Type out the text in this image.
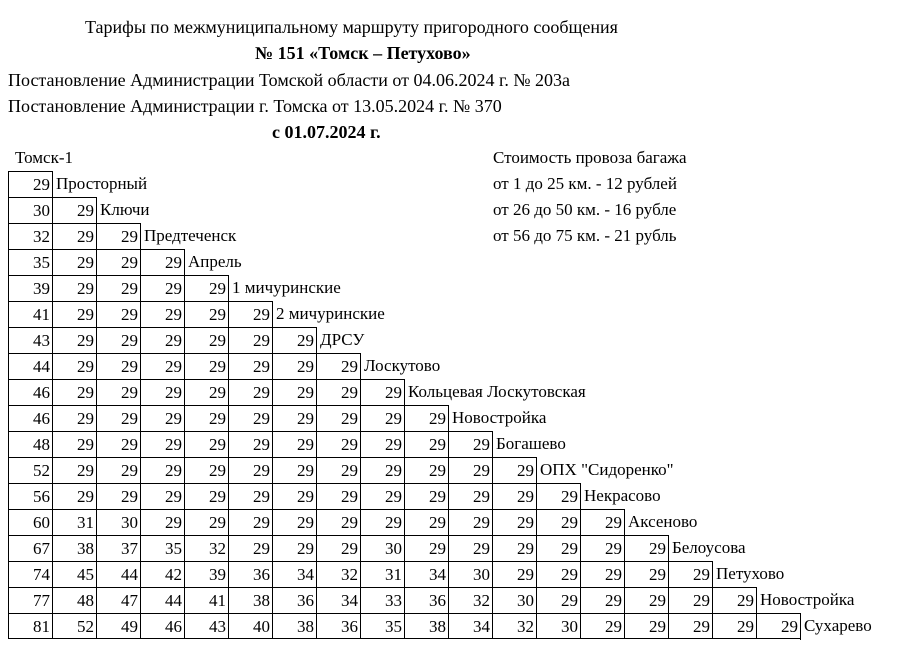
Тарифы по межмуниципальному маршруту пригородного сообщения
№ 151 «Томск – Петухово»
Постановление Администрации Томской области от 04.06.2024 г. № 203а
Постановление Администрации г. Томска от 13.05.2024 г. № 370
с 01.07.2024 г.
Томск-1	Стоимость провоза багажа
от 1 до 25 км. - 12 рублей
от 26 до 50 км. - 16 рубле
от 56 до 75 км. - 21 рубль
29 Просторный
30	29 Ключи
32	29	29 Предтеченск
35	29	29	29 Апрель
39	29	29	29	29 1 мичуринские
41	29	29	29	29	29 2 мичуринские
43	29	29	29	29	29	29 ДРСУ
44	29	29	29	29	29	29	29 Лоскутово
46	29	29	29	29	29	29	29	29 Кольцевая Лоскутовская
46	29	29	29	29	29	29	29	29	29 Новостройка
48	29	29	29	29	29	29	29	29	29	29 Богашево
52	29	29	29	29	29	29	29	29	29	29	29 ОПХ "Сидоренко"
56	29	29	29	29	29	29	29	29	29	29	29	29 Некрасово
60	31	30	29	29	29	29	29	29	29	29	29	29	29 Аксеново
67	38	37	35	32	29	29	29	30	29	29	29	29	29	29 Белоусова
74	45	44	42	39	36	34	32	31	34	30	29	29	29	29	29 Петухово
77	48	47	44	41	38	36	34	33	36	32	30	29	29	29	29	29 Новостройка
81	52	49	46	43	40	38	36	35	38	34	32	30	29	29	29	29	29 Сухарево
